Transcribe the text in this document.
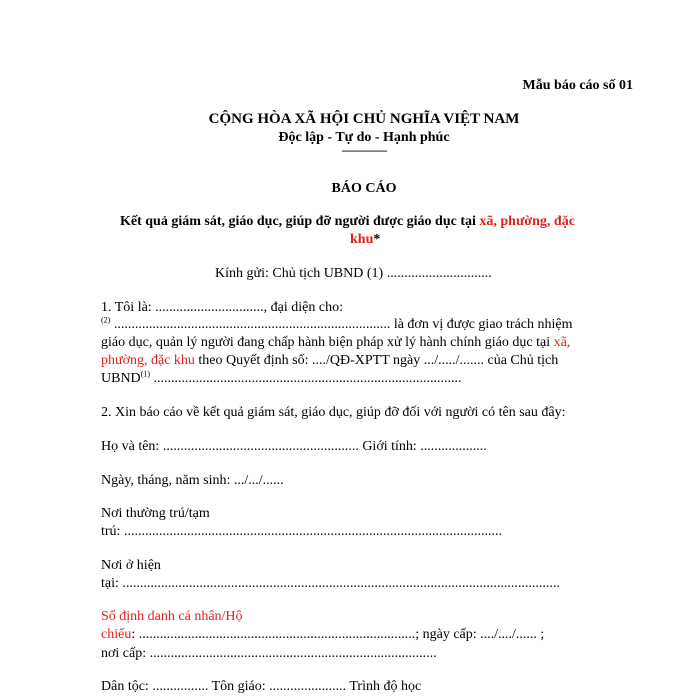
Mẫu báo cáo số 01
CỘNG HÒA XÃ HỘI CHỦ NGHĨA VIỆT NAM
Độc lập - Tự do - Hạnh phúc
---------------
BÁO CÁO
Kết quả giám sát, giáo dục, giúp đỡ người được giáo dục tại xã, phường, đặc
khu*
Kính gửi: Chủ tịch UBND (1) ..............................
1. Tôi là: ..............................., đại diện cho:
$^{(2)}$ ............................................................................... là đơn vị được giao trách nhiệm
giáo dục, quản lý người đang chấp hành biện pháp xử lý hành chính giáo dục tại xã,
phường, đặc khu theo Quyết định số: ..../QĐ-XPTT ngày .../...../....... của Chủ tịch
UBND$^{(1)}$ ........................................................................................
2. Xin báo cáo về kết quả giám sát, giáo dục, giúp đỡ đối với người có tên sau đây:
Họ và tên: ........................................................ Giới tính: ...................
Ngày, tháng, năm sinh: .../.../......
Nơi thường trú/tạm
trú: ............................................................................................................
Nơi ở hiện
tại: .............................................................................................................................
Số định danh cá nhân/Hộ
chiếu: ...............................................................................; ngày cấp: ..../..../...... ;
nơi cấp: ..................................................................................
Dân tộc: ................ Tôn giáo: ...................... Trình độ học
